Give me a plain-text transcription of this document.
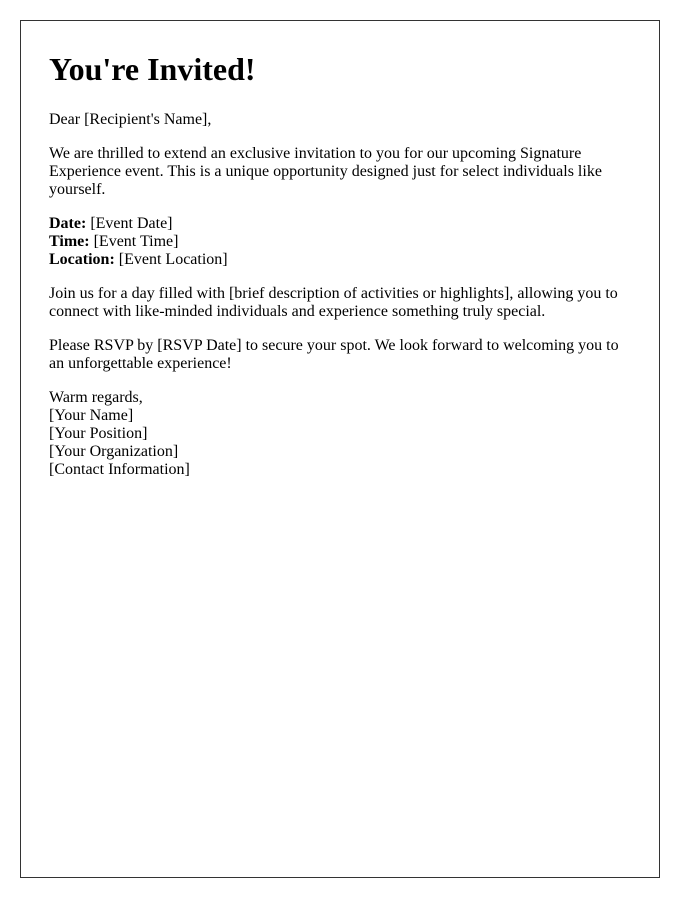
You're Invited!

Dear [Recipient's Name],

We are thrilled to extend an exclusive invitation to you for our upcoming Signature Experience event. This is a unique opportunity designed just for select individuals like yourself.

Date: [Event Date]

Time: [Event Time]

Location: [Event Location]

Join us for a day filled with [brief description of activities or highlights], allowing you to connect with like-minded individuals and experience something truly special.

Please RSVP by [RSVP Date] to secure your spot. We look forward to welcoming you to an unforgettable experience!

Warm regards,

[Your Name]

[Your Position]

[Your Organization]

[Contact Information]
